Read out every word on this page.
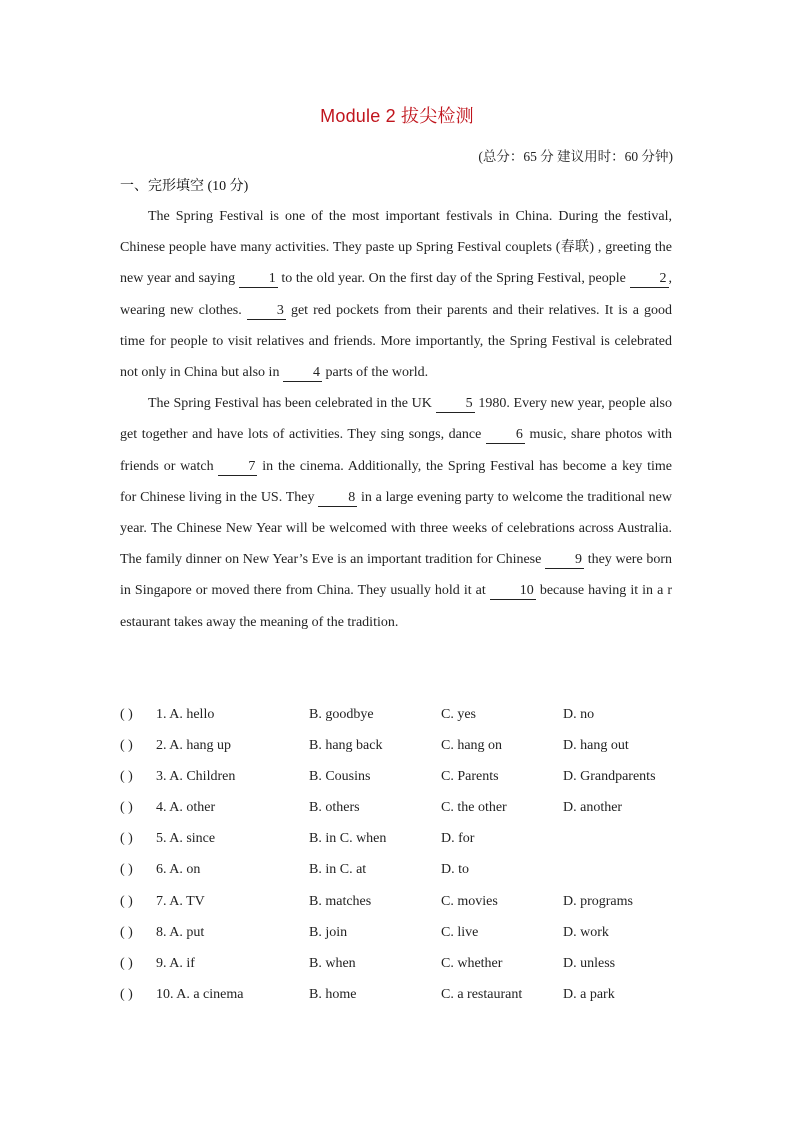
Module 2 拔尖检测
(总分：65 分 建议用时：60 分钟)
一、完形填空 (10 分)

The Spring Festival is one of the most important festivals in China. During the festival, Chinese people have many activities. They paste up Spring Festival couplets (春联) , greeting the new year and saying 1 to the old year. On the first day of the Spring Festival, people 2 , wearing new clothes. 3 get red pockets from their parents and their relatives. It is a good time for people to visit relatives and friends. More importantly, the Spring Festival is celebrated not only in China but also in 4 parts of the world.

The Spring Festival has been celebrated in the UK 5 1980. Every new year, people also get together and have lots of activities. They sing songs, dance 6 music, share photos with friends or watch 7 in the cinema. Additionally, the Spring Festival has become a key time for Chinese living in the US. They 8 in a large evening party to welcome the traditional new year. The Chinese New Year will be welcomed with three weeks of celebrations across Australia. The family dinner on New Year’s Eve is an important tradition for Chinese 9 they were born in Singapore or moved there from China. They usually hold it at 10 because having it in a r estaurant takes away the meaning of the tradition.

( ) 1. A. hello	B. goodbye	C. yes	D. no
( ) 2. A. hang up	B. hang back	C. hang on	D. hang out
( ) 3. A. Children	B. Cousins	C. Parents	D. Grandparents
( ) 4. A. other	B. others	C. the other	D. another
( ) 5. A. since	B. in C. when	D. for
( ) 6. A. on	B. in C. at	D. to
( ) 7. A. TV	B. matches	C. movies	D. programs
( ) 8. A. put	B. join	C. live	D. work
( ) 9. A. if	B. when	C. whether	D. unless
( ) 10. A. a cinema	B. home	C. a restaurant	D. a park
